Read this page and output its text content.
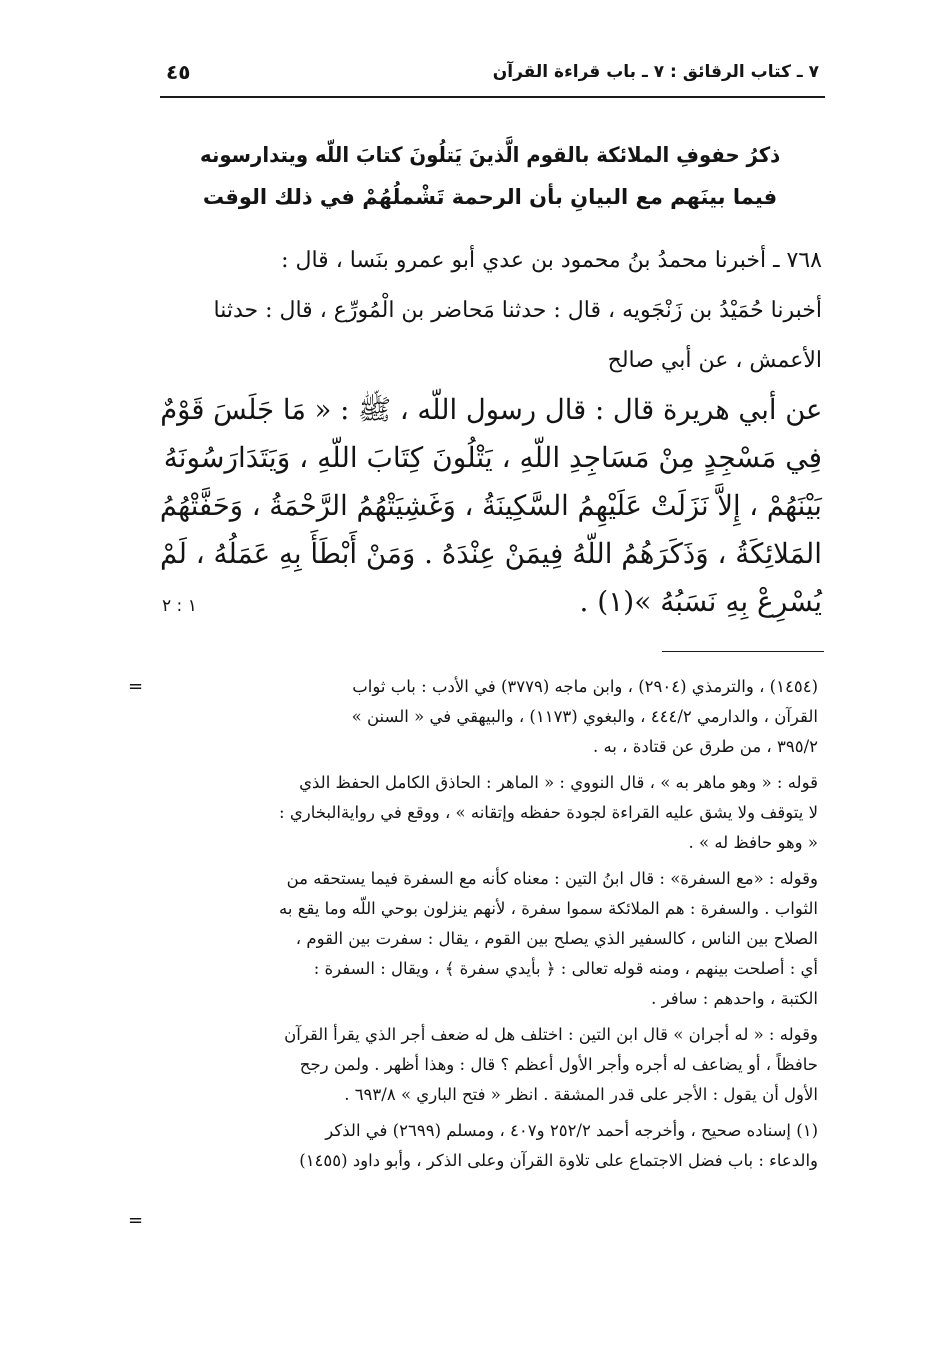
٧ ـ كتاب الرقائق : ٧ ـ باب قراءة القرآن
٤٥
ذكرُ حفوفِ الملائكة بالقوم الَّذينَ يَتلُونَ كتابَ اللّه ويتدارسونه
فيما بينَهم مع البيانِ بأن الرحمة تَشْملُهُمْ في ذلك الوقت
٧٦٨ ـ أخبرنا محمدُ بنُ محمود بن عدي أبو عمرو بنَسا ، قال :
أخبرنا حُمَيْدُ بن زَنْجَويه ، قال : حدثنا مَحاضر بن الْمُورِّع ، قال : حدثنا
الأعمش ، عن أبي صالح
عن أبي هريرة قال : قال رسول اللّه ، ﷺ : « مَا جَلَسَ قَوْمٌ
فِي مَسْجِدٍ مِنْ مَسَاجِدِ اللّهِ ، يَتْلُونَ كِتَابَ اللّهِ ، وَيَتَدَارَسُونَهُ
بَيْنَهُمْ ، إِلاَّ نَزَلَتْ عَلَيْهِمُ السَّكِينَةُ ، وَغَشِيَتْهُمُ الرَّحْمَةُ ، وَحَفَّتْهُمُ
المَلائِكَةُ ، وَذَكَرَهُمُ اللّهُ فِيمَنْ عِنْدَهُ . وَمَنْ أَبْطَأَ بِهِ عَمَلُهُ ، لَمْ
يُسْرِعْ بِهِ نَسَبُهُ »(١) .
١ : ٢
=	(١٤٥٤) ، والترمذي (٢٩٠٤) ، وابن ماجه (٣٧٧٩) في الأدب : باب ثواب
القرآن ، والدارمي ٤٤٤/٢ ، والبغوي (١١٧٣) ، والبيهقي في « السنن »
٣٩٥/٢ ، من طرق عن قتادة ، به .
قوله : « وهو ماهر به » ، قال النووي : « الماهر : الحاذق الكامل الحفظ الذي
لا يتوقف ولا يشق عليه القراءة لجودة حفظه وإتقانه » ، ووقع في روايةالبخاري :
« وهو حافظ له » .
وقوله : «مع السفرة» : قال ابنُ التين : معناه كأنه مع السفرة فيما يستحقه من
الثواب . والسفرة : هم الملائكة سموا سفرة ، لأنهم ينزلون بوحي اللّه وما يقع به
الصلاح بين الناس ، كالسفير الذي يصلح بين القوم ، يقال : سفرت بين القوم ،
أي : أصلحت بينهم ، ومنه قوله تعالى : ﴿ بأيدي سفرة ﴾ ، ويقال : السفرة :
الكتبة ، واحدهم : سافر .
وقوله : « له أجران » قال ابن التين : اختلف هل له ضعف أجر الذي يقرأ القرآن
حافظاً ، أو يضاعف له أجره وأجر الأول أعظم ؟ قال : وهذا أظهر . ولمن رجح
الأول أن يقول : الأجر على قدر المشقة . انظر « فتح الباري » ٦٩٣/٨ .
(١) إسناده صحيح ، وأخرجه أحمد ٢٥٢/٢ و٤٠٧ ، ومسلم (٢٦٩٩) في الذكر
والدعاء : باب فضل الاجتماع على تلاوة القرآن وعلى الذكر ، وأبو داود (١٤٥٥)
=
